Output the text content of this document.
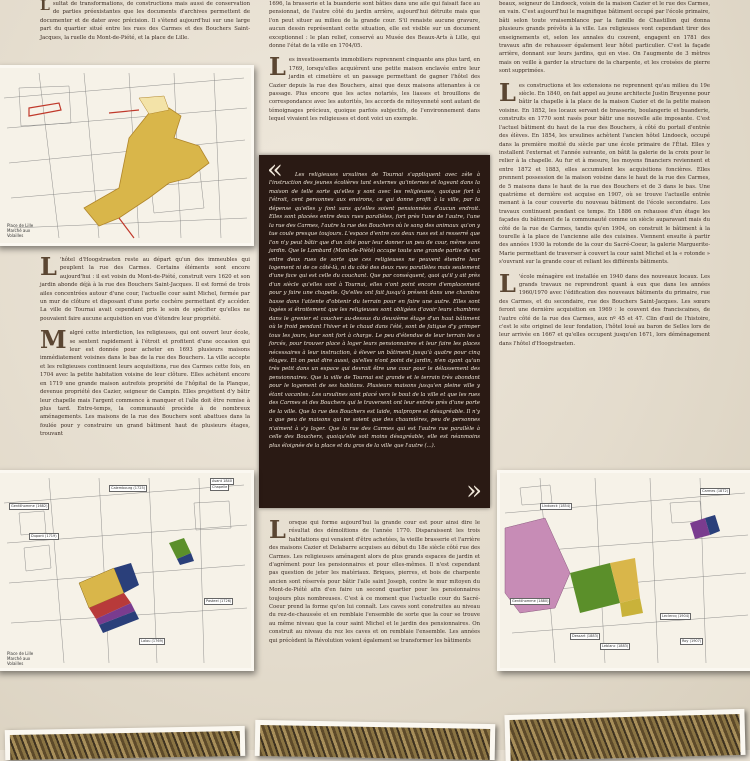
Lsultat de transformations, de constructions mais aussi de conservation de parties préexistantes que les documents d'archives permettent de documenter et de dater avec précision. Il s'étend aujourd'hui sur une large part du quartier situé entre les rues des Carmes et des Bouchers Saint-Jacques, la ruelle du Mont-de-Piété, et la place de Lille.

Place de Lille Marché aux Volailles

L 'hôtel d'Hoogstraeten reste au départ qu'un des immeubles qui peuplent la rue des Carmes. Certains éléments sont encore aujourd'hui : il est voisin du Mont-de-Piété, construit vers 1620 et son jardin abonde déjà à la rue des Bouchers Saint-Jacques. Il est formé de trois ailes concentrées autour d'une cour, l'actuelle cour saint Michel, fermée par un mur de clôture et disposant d'une porte cochère permettant d'y accéder. La ville de Tournai avait cependant pris le soin de spécifier qu'elles ne pouvaient faire aucune acquisition en vue d'étendre leur propriété.

Malgré cette interdiction, les religieuses, qui ont ouvert leur école, se sentent rapidement à l'étroit et profitent d'une occasion qui leur est donnée pour acheter en 1693 plusieurs maisons immédiatement voisines dans le bas de la rue des Bouchers. La ville accepte et les religieuses continuent leurs acquisitions, rue des Carmes cette fois, en 1704 avec la petite habitation voisine de leur clôture. Elles achètent encore en 1719 une grande maison autrefois propriété de l'hôpital de la Planque, devenue propriété des Cazier, seigneur de Campin. Elles projettent d'y bâtir leur chapelle mais l'argent commence à manquer et l'aîle doit être remise à plus tard. Entre-temps, la communauté procède à de nombreux aménagements. Les maisons de la rue des Bouchers sont abattues dans la foulée pour y construire un grand bâtiment haut de plusieurs étages, trouvant

1696, la brasserie et la buanderie sont bâties dans une aile qui faisait face au pensionnat, de l'autre côté du jardin arrière, aujourd'hui détruite mais que l'on peut situer au milieu de la grande cour. S'il renaiste aucune gravure, aucun dessin représentant cette situation, elle est visible sur un document exceptionnel : le plan relief, conservé au Musée des Beaux-Arts à Lille, qui donne l'état de la ville en 1704/05.

Les investissements immobiliers reprennent cinquante ans plus tard, en 1769, lorsqu'elles acquièrent une petite maison enclavée entre leur jardin et cimetière et un passage permettant de gagner l'hôtel des Cazier depuis la rue des Bouchers, ainsi que deux maisons attenantes à ce passage. Plus encore que les actes notariés, les liasses et brouillons de correspondance avec les autorités, les accords de mitoyenneté sont autant de témoignages précieux, quoique parfois subjectifs, de l'environnement dans lequel vivaient les religieuses et dont voici un exemple.

«	Les religieuses ursulines de Tournai s'appliquent avec zèle à l'instruction des jeunes écolières tant externes qu'internes et logeant dans la maison de telle sorte qu'elles y sont avec les religieuses, quoique fort à l'étroit, cent personnes aux environs, ce qui donne profit à la ville, par la dépense qu'elles y font sans qu'elles soient pensionnées d'aucun endroit. Elles sont placées entre deux rues parallèles, fort près l'une de l'autre, l'une la rue des Carmes, l'autre la rue des Bouchers où le sang des animaux qu'on y tue coule presque toujours. L'espace d'entre ces deux rues est si resserré que l'on n'y peut bâtir que d'un côté pour leur donner un peu de cour, même sans jardin. Que le Lombard (Mont-de-Piété) occupe toute une grande partie de cet entre deux rues de sorte que ces religieuses ne peuvent étendre leur logement ni de ce côté-là, ni du côté des deux rues parallèles mais seulement d'une face qui est celle du couchant. Que par conséquent, quoi qu'il y ait près d'un siècle qu'elles sont à Tournai, elles n'ont point encore d'emplacement pour y faire une chapelle. Qu'elles ont fait jusqu'à présent dans une chambre basse dans l'attente d'obtenir du terrain pour en faire une autre. Elles sont logées si étroitement que les religieuses sont obligées d'avoir leurs chambres dans le grenier et coucher au-dessus du deuxième étage d'un haut bâtiment où le froid pendant l'hiver et le chaud dans l'été, sont de fatigue d'y grimper tous les jours, leur sont fort à charge. Le peu d'étendue de leur terrain les a forcés, pour trouver place à loger leurs pensionnaires et leur faire les places nécessaires à leur instruction, à élever un bâtiment jusqu'à quatre pour cinq étages. Et on peut dire aussi, qu'elles n'ont point de jardin, n'en ayant qu'un très petit dans un espace qui devrait être une cour pour le délassement des pensionnaires. Que la ville de Tournai est grande et le terrain très abondant pour le logement de ses habitans. Plusieurs maisons jusqu'en pleine ville y étant vacantes. Les ursulines sont placé vers le bout de la ville et que les rues des Carmes et des Bouchers qui le traversent ont leur entrée près d'une porte de la ville. Que la rue des Bouchers est laide, malpropre et désagréable. Il n'y a que peu de maisons qui ne soient que des chaumières, peu de personnes n'aiment à s'y loger. Que la rue des Carmes qui est l'autre rue parallèle à celle des Bouchers, quoiqu'elle soit moins désagréable, elle est néanmoins plus éloignée de la place et du gros de la ville que l'autre (...).
»
Gentilhomme (1682)
Dupont (1719)
Calembourg (1725)
Pasteel (1726)
Lalou (1769)
Place de Lille Marché aux Volailles

Lorsque qui forme aujourd'hui la grande cour est pour ainsi dire le résultat des démolitions de l'année 1770. Disparaissent les trois habitations qui venaient d'être achetées, la vieille brasserie et l'arrière des maisons Cazier et Delabarre acquises au début du 18e siècle côté rue des Carmes. Les religieuses aménagent alors de plus grands espaces de jardin et d'agrément pour les pensionnaires et pour elles-mêmes. Il n'est cependant pas question de jeter les matériaux. Briques, pierres, et bois de charpente ancien sont réservés pour bâtir l'aile saint Joseph, contre le mur mitoyen du Mont-de-Piété afin d'en faire un second quartier pour les pensionnaires toujours plus nombreuses. C'est à ce moment que l'actuelle cour du Sacré-Coeur prend la forme qu'on lui connaît. Les caves sont construites au niveau du rez-de-chaussée et en remblaie l'ensemble de sorte que la cour se trouve au même niveau que la cour saint Michel et le jardin des pensionnaires. On construit au niveau du rez les caves et on remblaie l'ensemble. Les années qui précèdent la Révolution voient également se transformer les bâtiments

beaux, seigneur de Lindoeck, voisin de la maison Cazier et le rue des Carmes, en vain. C'est aujourd'hui le magnifique bâtiment occupé par l'école primaire, bâti selon toute vraisemblance par la famille de Chastillon qui donna plusieurs grands prévôts à la ville. Les religieuses vont cependant tirer des enseignements et, selon les annales du couvent, engagent en 1781 des travaux afin de rehausser également leur hôtel particulier. C'est la façade arrière, donnant sur leurs jardins, qui en vise. On l'augmente de 3 mètres mais on veille à garder la structure de la charpente, et les croisées de pierre sont supprimées.

Les constructions et les extensions ne reprennent qu'au milieu du 19e siècle. En 1840, on fait appel au jeune architecte Justin Bruyenne pour bâtir la chapelle à la place de la maison Cazier et de la petite maison voisine. En 1852, les locaux servant de brasserie, boulangerie et buanderie, construits en 1770 sont rasés pour bâtir une nouvelle aile imposante. C'est l'actuel bâtiment du haut de la rue des Bouchers, à côté du portail d'entrée des élèves. En 1854, les ursulines achètent l'ancien hôtel Lindoeck, occupé dans la première moitié du siècle par une école primaire de l'État. Elles y installent l'externat et l'année suivante, on bâtit la galerie de la croix pour le relier à la chapelle. Au fur et à mesure, les moyens financiers reviennent et entre 1872 et 1883, elles accumulent les acquisitions foncières. Elles prennent possession de la maison voisine dans le haut de la rue des Carmes, de 5 maisons dans le haut de la rue des Bouchers et de 3 dans le bas. Une quatrième et dernière est acquise en 1907, où se trouve l'actuelle entrée menant à la cour couverte du nouveau bâtiment de l'école secondaire. Les travaux continuent pendant ce temps. En 1886 on rehausse d'un étage les façades du bâtiment de la communauté comme un siècle auparavant mais du côté de la rue de Carmes, tandis qu'en 1904, on construit le bâtiment à la tourelle à la place de l'ancienne aile des cuisines. Viennent ensuite à partir des années 1930 la rotonde de la cour du Sacré-Coeur, la galerie Marguerite-Marie permettant de traverser à couvert la cour saint Michel et la « rotonde » s'ouvrant sur la grande cour et reliant les différents bâtiments.

L 'école ménagère est installée en 1940 dans des nouveaux locaux. Les grands travaux ne reprendront quant à eux que dans les années 1960/1970 avec l'édification des nouveaux bâtiments du primaire, rue des Carmes, et du secondaire, rue des Bouchers Saint-Jacques. Les sœurs feront une dernière acquisition en 1969 : le couvent des franciscaines, de l'autre côté de la rue des Carmes, aux nº 45 et 47. Clin d'œil de l'histoire, c'est le site originel de leur fondation, l'hôtel loué au baron de Selles lors de leur arrivée en 1667 et qu'elles occupent jusqu'en 1671, lors déménagement dans l'hôtel d'Hoogstraeten.

Lindoeck (1854)
Carmes (1872)
Gentilhomme (1880)
Dessart (1883)
Leblanc (1883)
Leclercq (1904)
Roy (1907)
Avant 1840
Chapelle
